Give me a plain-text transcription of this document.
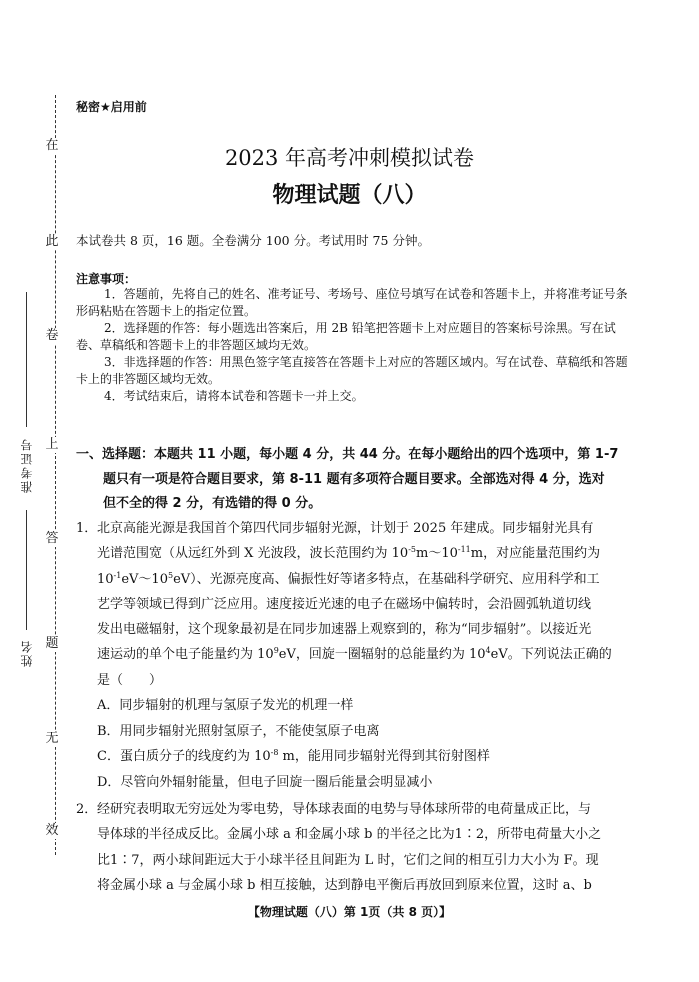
在
此
卷
上
答
题
无
效
准考证号
姓名
秘密★启用前
2023 年高考冲刺模拟试卷
物理试题（八）
本试卷共 8 页，16 题。全卷满分 100 分。考试用时 75 分钟。
注意事项：

1．答题前，先将自己的姓名、准考证号、考场号、座位号填写在试卷和答题卡上，并将准考证号条形码粘贴在答题卡上的指定位置。

2．选择题的作答：每小题选出答案后，用 2B 铅笔把答题卡上对应题目的答案标号涂黑。写在试卷、草稿纸和答题卡上的非答题区域均无效。

3．非选择题的作答：用黑色签字笔直接答在答题卡上对应的答题区域内。写在试卷、草稿纸和答题卡上的非答题区域均无效。

4．考试结束后，请将本试卷和答题卡一并上交。

一、选择题：本题共 11 小题，每小题 4 分，共 44 分。在每小题给出的四个选项中，第 1-7
题只有一项是符合题目要求，第 8-11 题有多项符合题目要求。全部选对得 4 分，选对
但不全的得 2 分，有选错的得 0 分。
1． 北京高能光源是我国首个第四代同步辐射光源，计划于 2025 年建成。同步辐射光具有
光谱范围宽（从远红外到 X 光波段，波长范围约为 $10^{-5}m\sim 10^{-11}m$，对应能量范围约为
$10^{-1}eV\sim 10^5eV$）、光源亮度高、偏振性好等诸多特点，在基础科学研究、应用科学和工
艺学等领域已得到广泛应用。速度接近光速的电子在磁场中偏转时，会沿圆弧轨道切线
发出电磁辐射，这个现象最初是在同步加速器上观察到的，称为“同步辐射”。以接近光
速运动的单个电子能量约为 $10^9eV$，回旋一圈辐射的总能量约为 $10^4eV$。下列说法正确的
是（　　）
A．同步辐射的机理与氢原子发光的机理一样
B．用同步辐射光照射氢原子，不能使氢原子电离
C．蛋白质分子的线度约为 $10^{-8}$ m，能用同步辐射光得到其衍射图样
D．尽管向外辐射能量，但电子回旋一圈后能量会明显减小
2． 经研究表明取无穷远处为零电势，导体球表面的电势与导体球所带的电荷量成正比，与
导体球的半径成反比。金属小球 a 和金属小球 b 的半径之比为1∶2，所带电荷量大小之
比1∶7，两小球间距远大于小球半径且间距为 L 时，它们之间的相互引力大小为 F。现
将金属小球 a 与金属小球 b 相互接触，达到静电平衡后再放回到原来位置，这时 a、b
【物理试题（八）第 1页（共 8 页）】
